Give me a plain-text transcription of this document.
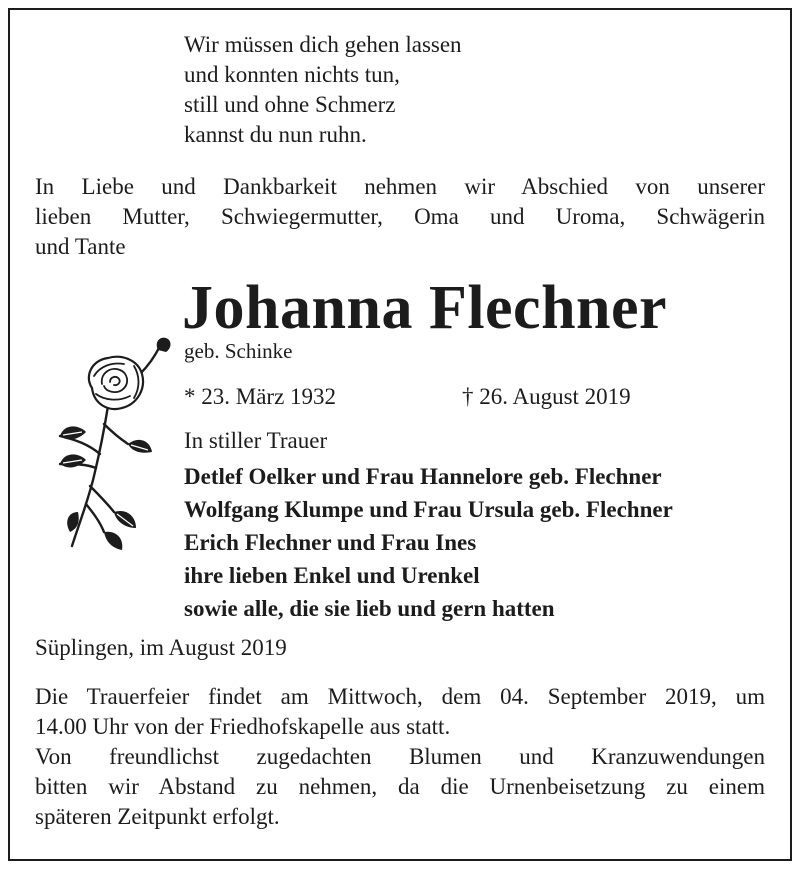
Wir müssen dich gehen lassen
und konnten nichts tun,
still und ohne Schmerz
kannst du nun ruhn.
In Liebe und Dankbarkeit nehmen wir Abschied von unserer
lieben Mutter, Schwiegermutter, Oma und Uroma, Schwägerin
und Tante
Johanna Flechner
geb. Schinke
* 23. März 1932	† 26. August 2019
In stiller Trauer
Detlef Oelker und Frau Hannelore geb. Flechner
Wolfgang Klumpe und Frau Ursula geb. Flechner
Erich Flechner und Frau Ines
ihre lieben Enkel und Urenkel
sowie alle, die sie lieb und gern hatten
Süplingen, im August 2019
Die Trauerfeier findet am Mittwoch, dem 04. September 2019, um
14.00 Uhr von der Friedhofskapelle aus statt.
Von freundlichst zugedachten Blumen und Kranzuwendungen
bitten wir Abstand zu nehmen, da die Urnenbeisetzung zu einem
späteren Zeitpunkt erfolgt.
